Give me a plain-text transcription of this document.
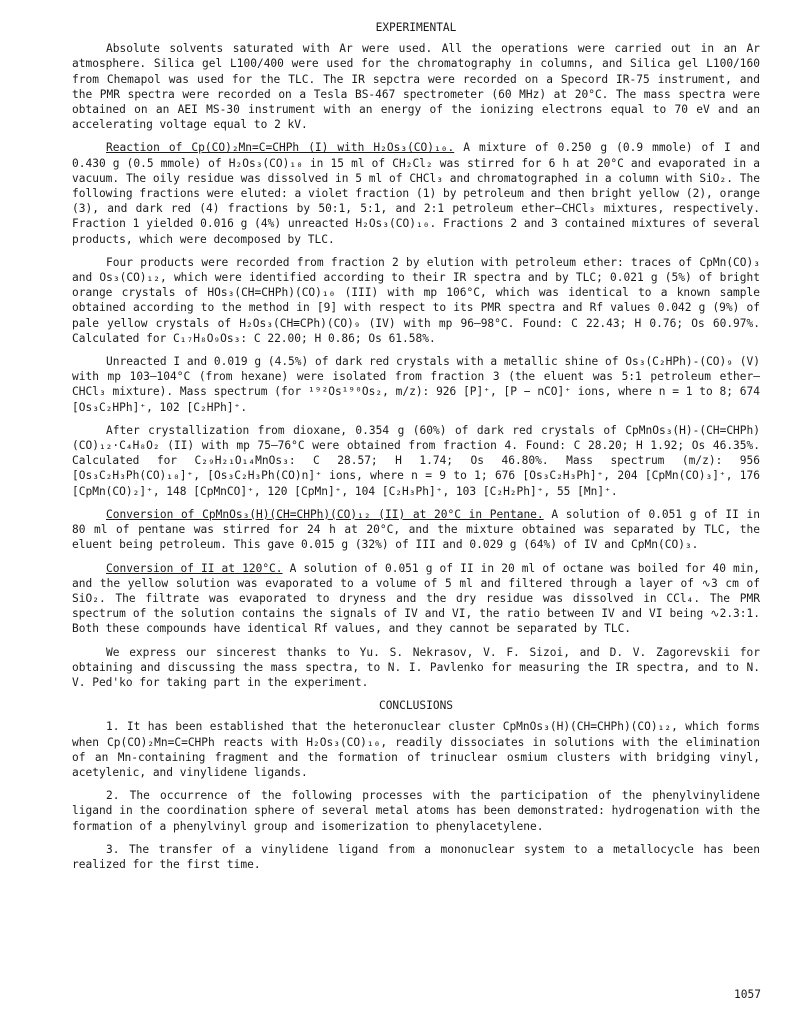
EXPERIMENTAL

Absolute solvents saturated with Ar were used. All the operations were carried out in an Ar atmosphere. Silica gel L100/400 were used for the chromatography in columns, and Silica gel L100/160 from Chemapol was used for the TLC. The IR sepctra were recorded on a Specord IR-75 instrument, and the PMR spectra were recorded on a Tesla BS-467 spectrometer (60 MHz) at 20°C. The mass spectra were obtained on an AEI MS-30 instrument with an energy of the ionizing electrons equal to 70 eV and an accelerating voltage equal to 2 kV.

Reaction of Cp(CO)₂Mn=C=CHPh (I) with H₂Os₃(CO)₁₀. A mixture of 0.250 g (0.9 mmole) of I and 0.430 g (0.5 mmole) of H₂Os₃(CO)₁₀ in 15 ml of CH₂Cl₂ was stirred for 6 h at 20°C and evaporated in a vacuum. The oily residue was dissolved in 5 ml of CHCl₃ and chromatographed in a column with SiO₂. The following fractions were eluted: a violet fraction (1) by petroleum and then bright yellow (2), orange (3), and dark red (4) fractions by 50:1, 5:1, and 2:1 petroleum ether—CHCl₃ mixtures, respectively. Fraction 1 yielded 0.016 g (4%) unreacted H₂Os₃(CO)₁₀. Fractions 2 and 3 contained mixtures of several products, which were decomposed by TLC.

Four products were recorded from fraction 2 by elution with petroleum ether: traces of CpMn(CO)₃ and Os₃(CO)₁₂, which were identified according to their IR spectra and by TLC; 0.021 g (5%) of bright orange crystals of HOs₃(CH=CHPh)(CO)₁₀ (III) with mp 106°C, which was identical to a known sample obtained according to the method in [9] with respect to its PMR spectra and Rf values 0.042 g (9%) of pale yellow crystals of H₂Os₃(CH≡CPh)(CO)₉ (IV) with mp 96–98°C. Found: C 22.43; H 0.76; Os 60.97%. Calculated for C₁₇H₈O₉Os₃: C 22.00; H 0.86; Os 61.58%.

Unreacted I and 0.019 g (4.5%) of dark red crystals with a metallic shine of Os₃(C₂HPh)-(CO)₉ (V) with mp 103–104°C (from hexane) were isolated from fraction 3 (the eluent was 5:1 petroleum ether—CHCl₃ mixture). Mass spectrum (for ¹⁹²Os¹⁹⁰Os₂, m/z): 926 [P]⁺, [P − nCO]⁺ ions, where n = 1 to 8; 674 [Os₃C₂HPh]⁺, 102 [C₂HPh]⁺.

After crystallization from dioxane, 0.354 g (60%) of dark red crystals of CpMnOs₃(H)-(CH=CHPh)(CO)₁₂·C₄H₈O₂ (II) with mp 75–76°C were obtained from fraction 4. Found: C 28.20; H 1.92; Os 46.35%. Calculated for C₂₉H₂₁O₁₄MnOs₃: C 28.57; H 1.74; Os 46.80%. Mass spectrum (m/z): 956 [Os₃C₂H₃Ph(CO)₁₀]⁺, [Os₃C₂H₃Ph(CO)n]⁺ ions, where n = 9 to 1; 676 [Os₃C₂H₃Ph]⁺, 204 [CpMn(CO)₃]⁺, 176 [CpMn(CO)₂]⁺, 148 [CpMnCO]⁺, 120 [CpMn]⁺, 104 [C₂H₃Ph]⁺, 103 [C₂H₂Ph]⁺, 55 [Mn]⁺.

Conversion of CpMnOs₃(H)(CH=CHPh)(CO)₁₂ (II) at 20°C in Pentane. A solution of 0.051 g of II in 80 ml of pentane was stirred for 24 h at 20°C, and the mixture obtained was separated by TLC, the eluent being petroleum. This gave 0.015 g (32%) of III and 0.029 g (64%) of IV and CpMn(CO)₃.

Conversion of II at 120°C. A solution of 0.051 g of II in 20 ml of octane was boiled for 40 min, and the yellow solution was evaporated to a volume of 5 ml and filtered through a layer of ∿3 cm of SiO₂. The filtrate was evaporated to dryness and the dry residue was dissolved in CCl₄. The PMR spectrum of the solution contains the signals of IV and VI, the ratio between IV and VI being ∿2.3:1. Both these compounds have identical Rf values, and they cannot be separated by TLC.

We express our sincerest thanks to Yu. S. Nekrasov, V. F. Sizoi, and D. V. Zagorevskii for obtaining and discussing the mass spectra, to N. I. Pavlenko for measuring the IR spectra, and to N. V. Ped'ko for taking part in the experiment.

CONCLUSIONS

1. It has been established that the heteronuclear cluster CpMnOs₃(H)(CH=CHPh)(CO)₁₂, which forms when Cp(CO)₂Mn=C=CHPh reacts with H₂Os₃(CO)₁₀, readily dissociates in solutions with the elimination of an Mn-containing fragment and the formation of trinuclear osmium clusters with bridging vinyl, acetylenic, and vinylidene ligands.

2. The occurrence of the following processes with the participation of the phenylvinylidene ligand in the coordination sphere of several metal atoms has been demonstrated: hydrogenation with the formation of a phenylvinyl group and isomerization to phenylacetylene.

3. The transfer of a vinylidene ligand from a mononuclear system to a metallocycle has been realized for the first time.

1057
